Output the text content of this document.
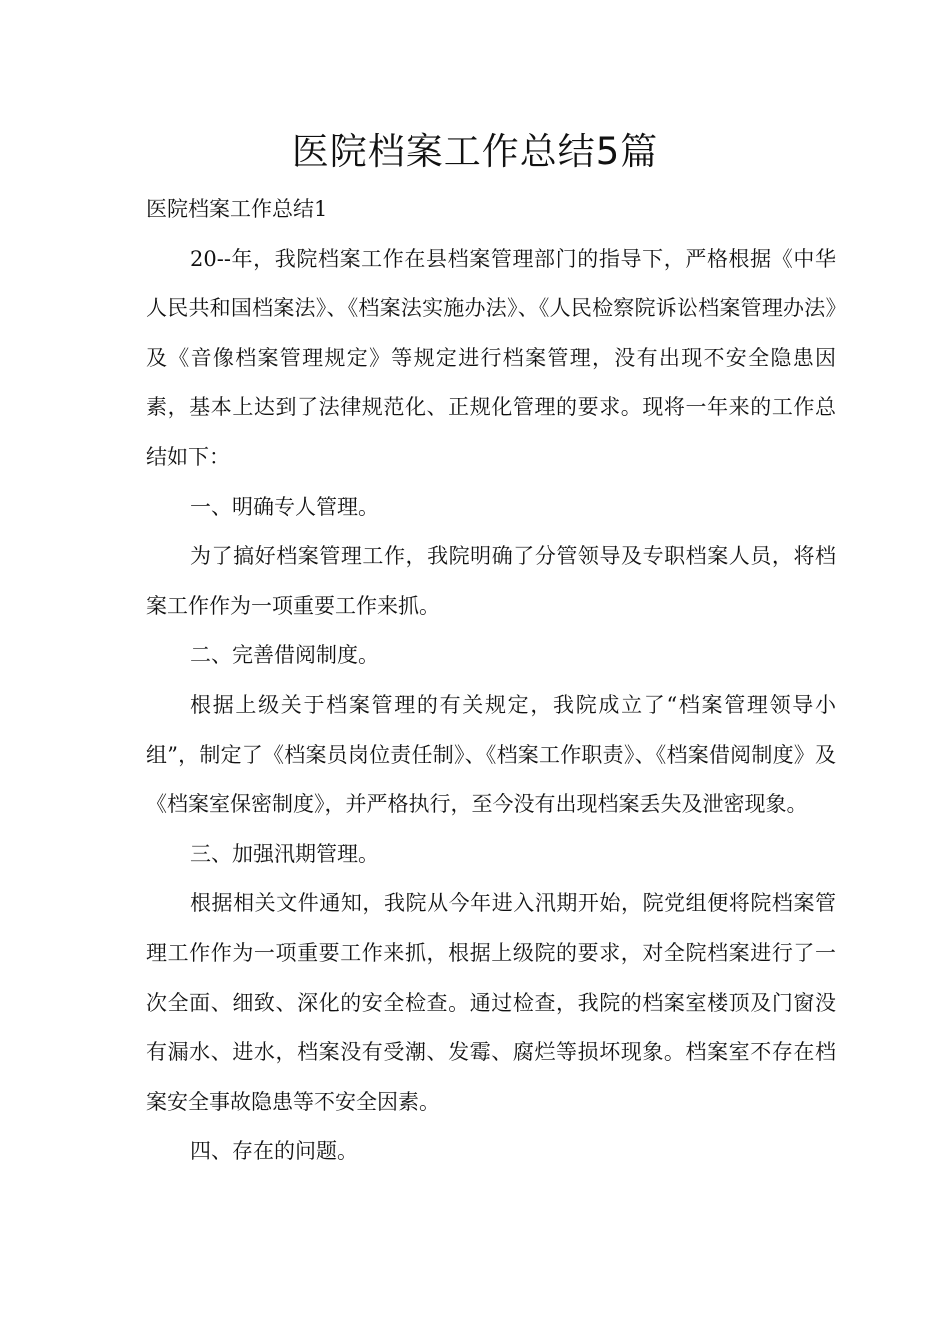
医院档案工作总结5篇

医院档案工作总结1

20--年，我院档案工作在县档案管理部门的指导下，严格根据《中华人民共和国档案法》、《档案法实施办法》、《人民检察院诉讼档案管理办法》及《音像档案管理规定》等规定进行档案管理，没有出现不安全隐患因素，基本上达到了法律规范化、正规化管理的要求。现将一年来的工作总结如下：

一、明确专人管理。

为了搞好档案管理工作，我院明确了分管领导及专职档案人员，将档案工作作为一项重要工作来抓。

二、完善借阅制度。

根据上级关于档案管理的有关规定，我院成立了“档案管理领导小组”，制定了《档案员岗位责任制》、《档案工作职责》、《档案借阅制度》及《档案室保密制度》，并严格执行，至今没有出现档案丢失及泄密现象。

三、加强汛期管理。

根据相关文件通知，我院从今年进入汛期开始，院党组便将院档案管理工作作为一项重要工作来抓，根据上级院的要求，对全院档案进行了一次全面、细致、深化的安全检查。通过检查，我院的档案室楼顶及门窗没有漏水、进水，档案没有受潮、发霉、腐烂等损坏现象。档案室不存在档案安全事故隐患等不安全因素。

四、存在的问题。
